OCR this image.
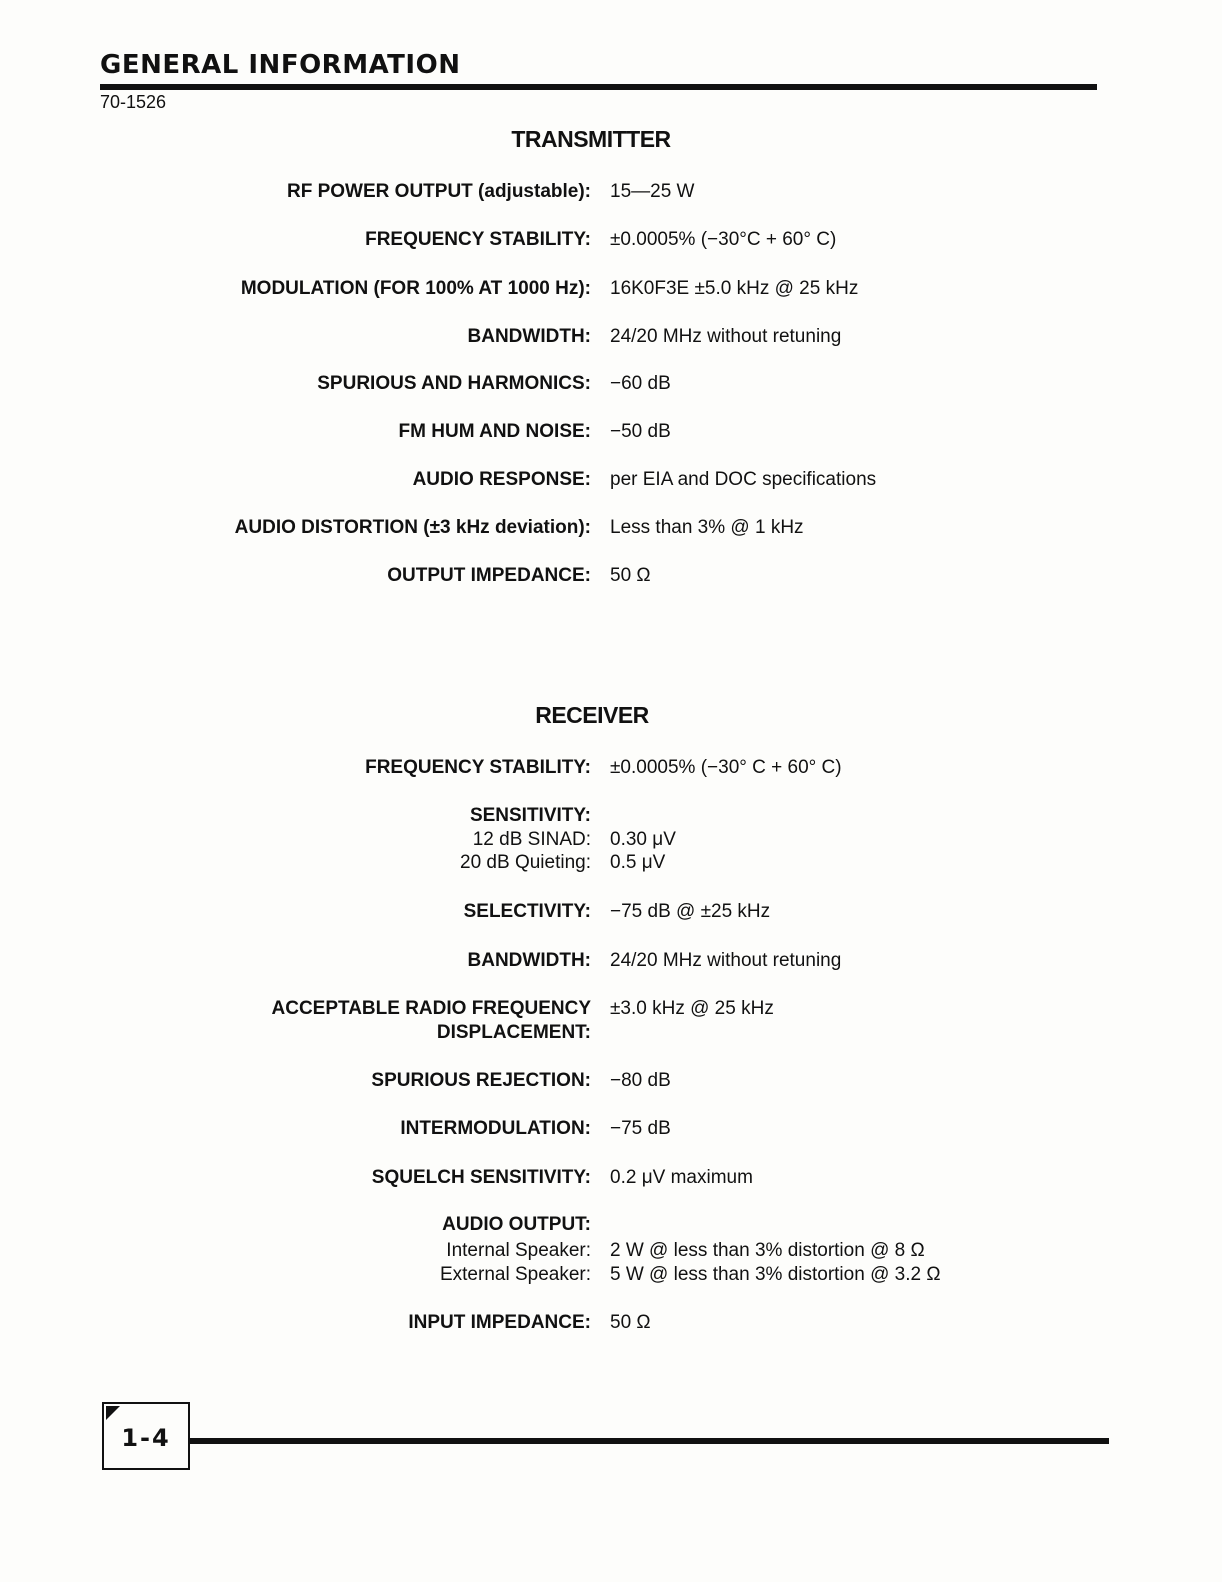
GENERAL INFORMATION
70-1526
TRANSMITTER
RF POWER OUTPUT (adjustable): 15—25 W
FREQUENCY STABILITY: ±0.0005% (−30°C + 60° C)
MODULATION (FOR 100% AT 1000 Hz): 16K0F3E ±5.0 kHz @ 25 kHz
BANDWIDTH: 24/20 MHz without retuning
SPURIOUS AND HARMONICS: −60 dB
FM HUM AND NOISE: −50 dB
AUDIO RESPONSE: per EIA and DOC specifications
AUDIO DISTORTION (±3 kHz deviation): Less than 3% @ 1 kHz
OUTPUT IMPEDANCE: 50 Ω
RECEIVER
FREQUENCY STABILITY: ±0.0005% (−30° C + 60° C)
SENSITIVITY:
12 dB SINAD: 0.30 μV
20 dB Quieting: 0.5 μV
SELECTIVITY: −75 dB @ ±25 kHz
BANDWIDTH: 24/20 MHz without retuning
ACCEPTABLE RADIO FREQUENCY ±3.0 kHz @ 25 kHz
DISPLACEMENT:
SPURIOUS REJECTION: −80 dB
INTERMODULATION: −75 dB
SQUELCH SENSITIVITY: 0.2 μV maximum
AUDIO OUTPUT:
Internal Speaker: 2 W @ less than 3% distortion @ 8 Ω
External Speaker: 5 W @ less than 3% distortion @ 3.2 Ω
INPUT IMPEDANCE: 50 Ω
1-4
